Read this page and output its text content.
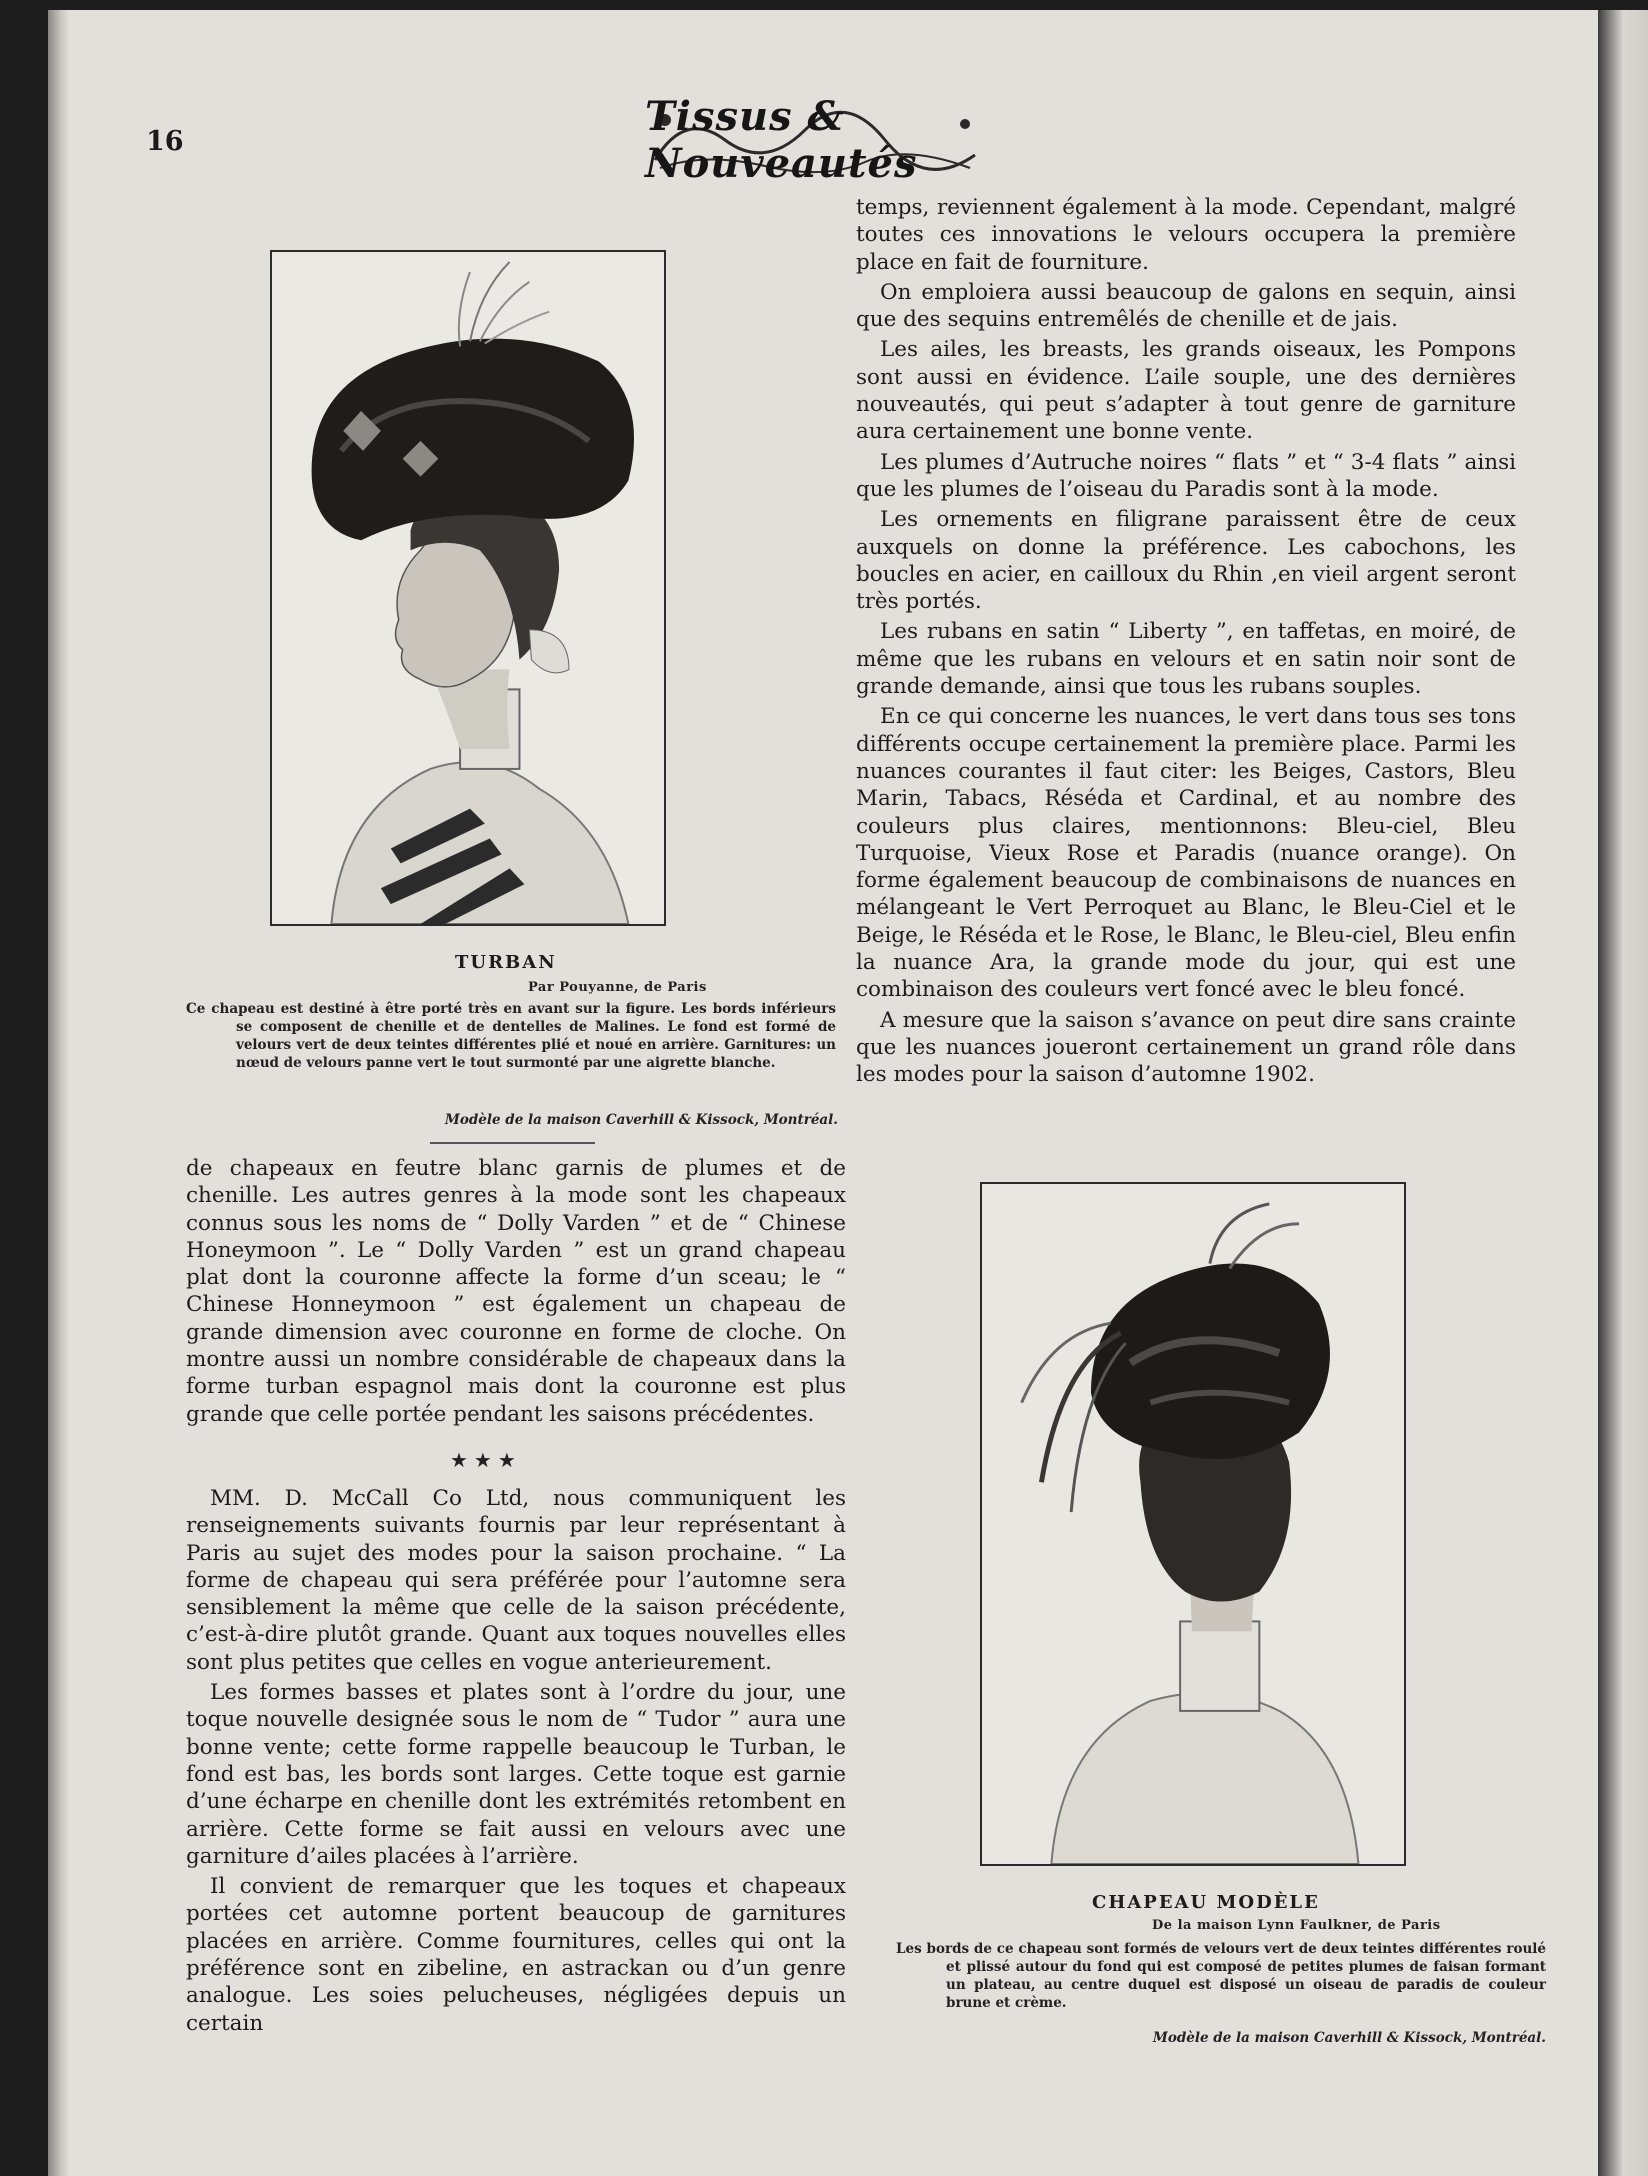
16
Tissus & Nouveautés
TURBAN
Par Pouyanne, de Paris
Ce chapeau est destiné à être porté très en avant sur la figure. Les bords inférieurs se composent de chenille et de dentelles de Malines. Le fond est formé de velours vert de deux teintes différentes plié et noué en arrière. Garnitures: un nœud de velours panne vert le tout surmonté par une aigrette blanche.
Modèle de la maison Caverhill & Kissock, Montréal.

de chapeaux en feutre blanc garnis de plumes et de chenille. Les autres genres à la mode sont les chapeaux connus sous les noms de “ Dolly Varden ” et de “ Chinese Honeymoon ”. Le “ Dolly Varden ” est un grand chapeau plat dont la couronne affecte la forme d’un sceau; le “ Chinese Honneymoon ” est également un chapeau de grande dimension avec couronne en forme de cloche. On montre aussi un nombre considérable de chapeaux dans la forme turban espagnol mais dont la couronne est plus grande que celle portée pendant les saisons précédentes.

★★★

MM. D. McCall Co Ltd, nous communiquent les renseignements suivants fournis par leur représentant à Paris au sujet des modes pour la saison prochaine. “ La forme de chapeau qui sera préférée pour l’automne sera sensiblement la même que celle de la saison précédente, c’est-à-dire plutôt grande. Quant aux toques nouvelles elles sont plus petites que celles en vogue anterieurement.

Les formes basses et plates sont à l’ordre du jour, une toque nouvelle designée sous le nom de “ Tudor ” aura une bonne vente; cette forme rappelle beaucoup le Turban, le fond est bas, les bords sont larges. Cette toque est garnie d’une écharpe en chenille dont les extrémités retombent en arrière. Cette forme se fait aussi en velours avec une garniture d’ailes placées à l’arrière.

Il convient de remarquer que les toques et chapeaux portées cet automne portent beaucoup de garnitures placées en arrière. Comme fournitures, celles qui ont la préférence sont en zibeline, en astrackan ou d’un genre analogue. Les soies pelucheuses, négligées depuis un certain

temps, reviennent également à la mode. Cependant, malgré toutes ces innovations le velours occupera la première place en fait de fourniture.

On emploiera aussi beaucoup de galons en sequin, ainsi que des sequins entremêlés de chenille et de jais.

Les ailes, les breasts, les grands oiseaux, les Pompons sont aussi en évidence. L’aile souple, une des dernières nouveautés, qui peut s’adapter à tout genre de garniture aura certainement une bonne vente.

Les plumes d’Autruche noires “ flats ” et “ 3-4 flats ” ainsi que les plumes de l’oiseau du Paradis sont à la mode.

Les ornements en filigrane paraissent être de ceux auxquels on donne la préférence. Les cabochons, les boucles en acier, en cailloux du Rhin ,en vieil argent seront très portés.

Les rubans en satin “ Liberty ”, en taffetas, en moiré, de même que les rubans en velours et en satin noir sont de grande demande, ainsi que tous les rubans souples.

En ce qui concerne les nuances, le vert dans tous ses tons différents occupe certainement la première place. Parmi les nuances courantes il faut citer: les Beiges, Castors, Bleu Marin, Tabacs, Réséda et Cardinal, et au nombre des couleurs plus claires, mentionnons: Bleu-ciel, Bleu Turquoise, Vieux Rose et Paradis (nuance orange). On forme également beaucoup de combinaisons de nuances en mélangeant le Vert Perroquet au Blanc, le Bleu-Ciel et le Beige, le Réséda et le Rose, le Blanc, le Bleu-ciel, Bleu enfin la nuance Ara, la grande mode du jour, qui est une combinaison des couleurs vert foncé avec le bleu foncé.

A mesure que la saison s’avance on peut dire sans crainte que les nuances joueront certainement un grand rôle dans les modes pour la saison d’automne 1902.

CHAPEAU MODÈLE
De la maison Lynn Faulkner, de Paris
Les bords de ce chapeau sont formés de velours vert de deux teintes différentes roulé et plissé autour du fond qui est composé de petites plumes de faisan formant un plateau, au centre duquel est disposé un oiseau de paradis de couleur brune et crème.
Modèle de la maison Caverhill & Kissock, Montréal.
